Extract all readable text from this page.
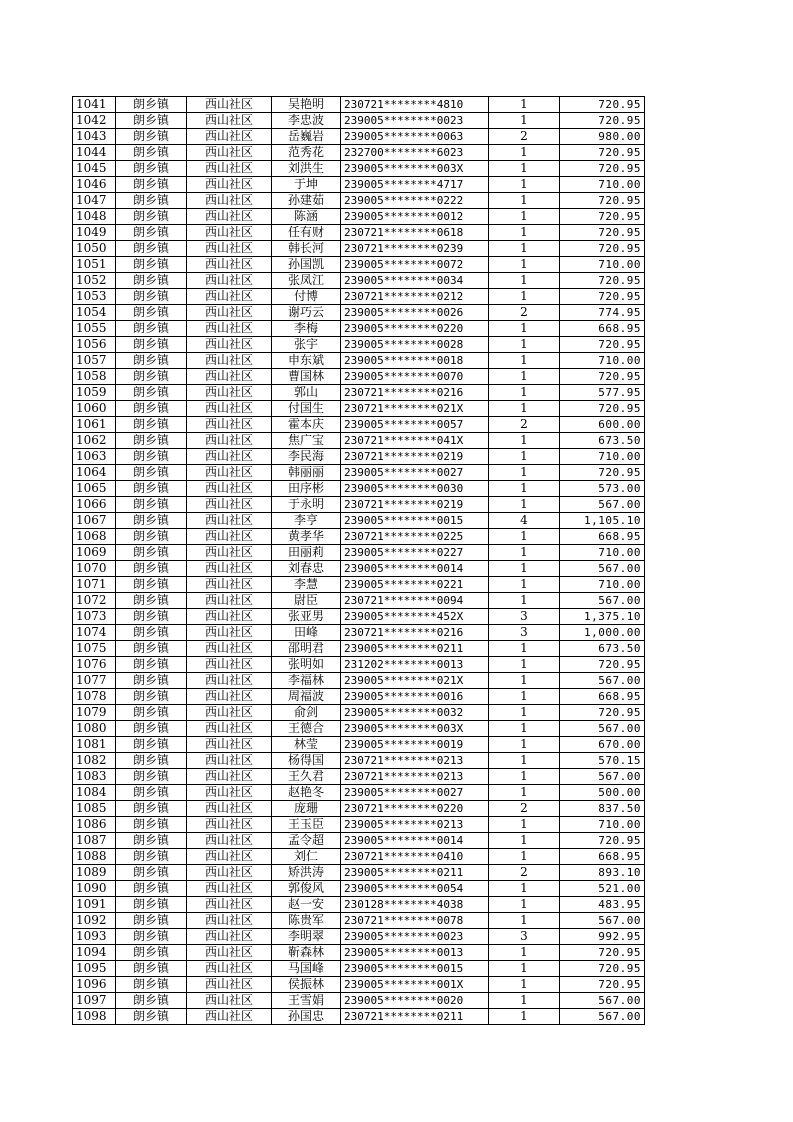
1041	朗乡镇	西山社区	吴艳明	230721********4810	1	720.95
1042	朗乡镇	西山社区	李忠波	239005********0023	1	720.95
1043	朗乡镇	西山社区	岳巍岩	239005********0063	2	980.00
1044	朗乡镇	西山社区	范秀花	232700********6023	1	720.95
1045	朗乡镇	西山社区	刘洪生	239005********003X	1	720.95
1046	朗乡镇	西山社区	于坤	239005********4717	1	710.00
1047	朗乡镇	西山社区	孙建茹	239005********0222	1	720.95
1048	朗乡镇	西山社区	陈涵	239005********0012	1	720.95
1049	朗乡镇	西山社区	任有财	230721********0618	1	720.95
1050	朗乡镇	西山社区	韩长河	230721********0239	1	720.95
1051	朗乡镇	西山社区	孙国凯	239005********0072	1	710.00
1052	朗乡镇	西山社区	张凤江	239005********0034	1	720.95
1053	朗乡镇	西山社区	付博	230721********0212	1	720.95
1054	朗乡镇	西山社区	谢巧云	239005********0026	2	774.95
1055	朗乡镇	西山社区	李梅	239005********0220	1	668.95
1056	朗乡镇	西山社区	张宇	239005********0028	1	720.95
1057	朗乡镇	西山社区	申东斌	239005********0018	1	710.00
1058	朗乡镇	西山社区	曹国林	239005********0070	1	720.95
1059	朗乡镇	西山社区	郭山	230721********0216	1	577.95
1060	朗乡镇	西山社区	付国生	230721********021X	1	720.95
1061	朗乡镇	西山社区	霍本庆	239005********0057	2	600.00
1062	朗乡镇	西山社区	焦广宝	230721********041X	1	673.50
1063	朗乡镇	西山社区	李民海	230721********0219	1	710.00
1064	朗乡镇	西山社区	韩丽丽	239005********0027	1	720.95
1065	朗乡镇	西山社区	田序彬	239005********0030	1	573.00
1066	朗乡镇	西山社区	于永明	230721********0219	1	567.00
1067	朗乡镇	西山社区	李亨	239005********0015	4	1,105.10
1068	朗乡镇	西山社区	黄孝华	230721********0225	1	668.95
1069	朗乡镇	西山社区	田丽莉	239005********0227	1	710.00
1070	朗乡镇	西山社区	刘春忠	239005********0014	1	567.00
1071	朗乡镇	西山社区	李慧	239005********0221	1	710.00
1072	朗乡镇	西山社区	尉臣	230721********0094	1	567.00
1073	朗乡镇	西山社区	张亚男	239005********452X	3	1,375.10
1074	朗乡镇	西山社区	田峰	230721********0216	3	1,000.00
1075	朗乡镇	西山社区	邵明君	239005********0211	1	673.50
1076	朗乡镇	西山社区	张明如	231202********0013	1	720.95
1077	朗乡镇	西山社区	李福林	239005********021X	1	567.00
1078	朗乡镇	西山社区	周福波	239005********0016	1	668.95
1079	朗乡镇	西山社区	俞剑	239005********0032	1	720.95
1080	朗乡镇	西山社区	王德合	239005********003X	1	567.00
1081	朗乡镇	西山社区	林莹	239005********0019	1	670.00
1082	朗乡镇	西山社区	杨得国	230721********0213	1	570.15
1083	朗乡镇	西山社区	王久君	230721********0213	1	567.00
1084	朗乡镇	西山社区	赵艳冬	239005********0027	1	500.00
1085	朗乡镇	西山社区	庞珊	230721********0220	2	837.50
1086	朗乡镇	西山社区	王玉臣	239005********0213	1	710.00
1087	朗乡镇	西山社区	孟令超	239005********0014	1	720.95
1088	朗乡镇	西山社区	刘仁	230721********0410	1	668.95
1089	朗乡镇	西山社区	矫洪涛	239005********0211	2	893.10
1090	朗乡镇	西山社区	郭俊风	239005********0054	1	521.00
1091	朗乡镇	西山社区	赵一安	230128********4038	1	483.95
1092	朗乡镇	西山社区	陈贵军	230721********0078	1	567.00
1093	朗乡镇	西山社区	李明翠	239005********0023	3	992.95
1094	朗乡镇	西山社区	靳森林	239005********0013	1	720.95
1095	朗乡镇	西山社区	马国峰	239005********0015	1	720.95
1096	朗乡镇	西山社区	侯振林	239005********001X	1	720.95
1097	朗乡镇	西山社区	王雪娟	239005********0020	1	567.00
1098	朗乡镇	西山社区	孙国忠	230721********0211	1	567.00
